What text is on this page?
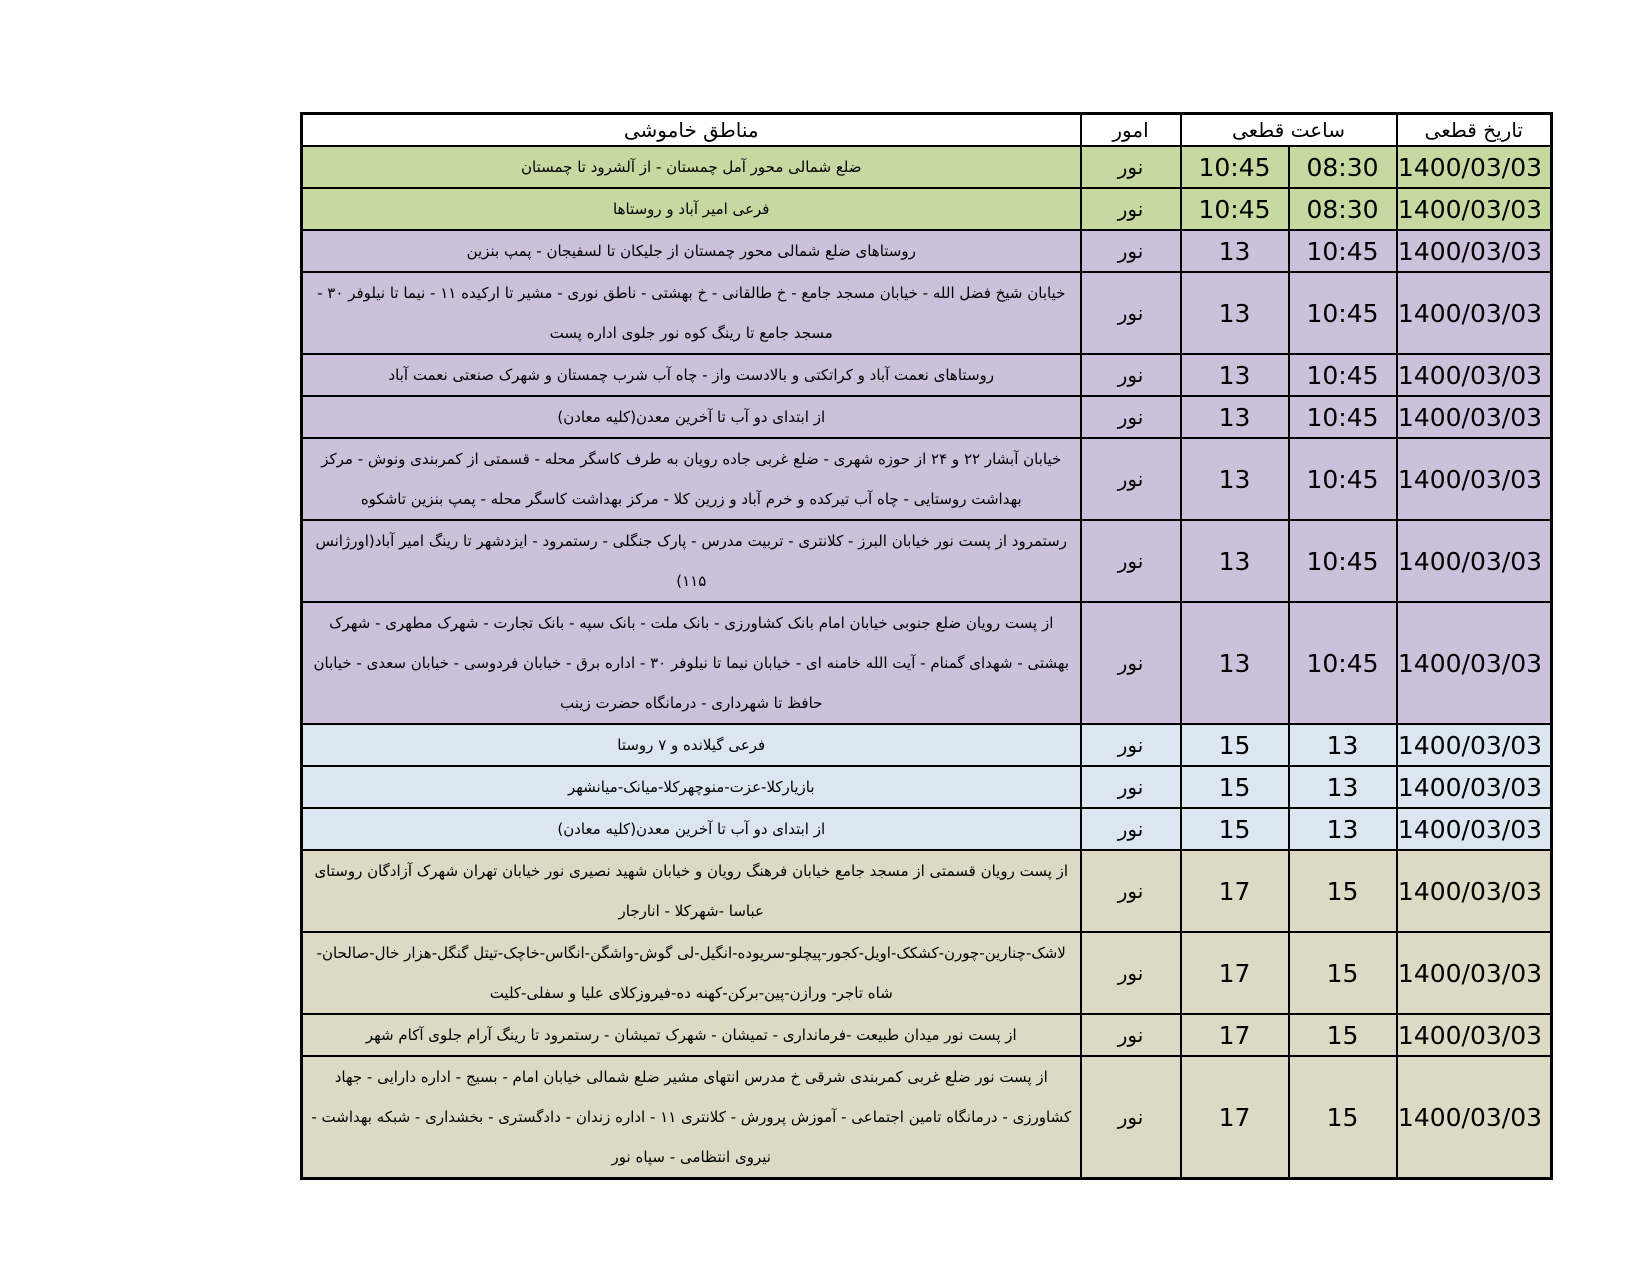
تاریخ قطعی	ساعت قطعی		امور	مناطق خاموشی
1400/03/03	08:30	10:45	نور	ضلع شمالی محور آمل چمستان - از آلشرود تا چمستان
1400/03/03	08:30	10:45	نور	فرعی امیر آباد و روستاها
1400/03/03	10:45	13	نور	روستاهای ضلع شمالی محور چمستان از جلیکان تا لسفیجان - پمپ بنزین
1400/03/03	10:45	13	نور	خیابان شیخ فضل الله - خیابان مسجد جامع - خ طالقانی - خ بهشتی - ناطق نوری - مشیر تا ارکیده ۱۱ - نیما تا نیلوفر ۳۰ - مسجد جامع تا رینگ کوه نور جلوی اداره پست
1400/03/03	10:45	13	نور	روستاهای نعمت آباد و کراتکتی و بالادست واز - چاه آب شرب چمستان و شهرک صنعتی نعمت آباد
1400/03/03	10:45	13	نور	از ابتدای دو آب تا آخرین معدن(کلیه معادن)
1400/03/03	10:45	13	نور	خیابان آبشار ۲۲ و ۲۴ از حوزه شهری - ضلع غربی جاده رویان به طرف کاسگر محله - قسمتی از کمربندی ونوش - مرکز بهداشت روستایی - چاه آب تیرکده و خرم آباد و زرین کلا - مرکز بهداشت کاسگر محله - پمپ بنزین تاشکوه
1400/03/03	10:45	13	نور	رستمرود از پست نور خیابان البرز - کلانتری - تربیت مدرس - پارک جنگلی - رستمرود - ایزدشهر تا رینگ امیر آباد(اورژانس ۱۱۵)
1400/03/03	10:45	13	نور	از پست رویان ضلع جنوبی خیابان امام بانک کشاورزی - بانک ملت - بانک سپه - بانک تجارت - شهرک مطهری - شهرک بهشتی - شهدای گمنام - آیت الله خامنه ای - خیابان نیما تا نیلوفر ۳۰ - اداره برق - خیابان فردوسی - خیابان سعدی - خیابان حافظ تا شهرداری - درمانگاه حضرت زینب
1400/03/03	13	15	نور	فرعی گیلانده و ۷ روستا
1400/03/03	13	15	نور	بازیارکلا-عزت-منوچهرکلا-میانک-میانشهر
1400/03/03	13	15	نور	از ابتدای دو آب تا آخرین معدن(کلیه معادن)
1400/03/03	15	17	نور	از پست رویان قسمتی از مسجد جامع خیابان فرهنگ رویان و خیابان شهید نصیری نور خیابان تهران شهرک آزادگان روستای عباسا -شهرکلا - انارجار
1400/03/03	15	17	نور	لاشک-چنارین-چورن-کشکک-اویل-کجور-پیچلو-سریوده-انگیل-لی گوش-واشگن-انگاس-خاچک-تیتل گنگل-هزار خال-صالحان-شاه تاجر- ورازن-پین-برکن-کهنه ده-فیروزکلای علیا و سفلی-کلیت
1400/03/03	15	17	نور	از پست نور میدان طبیعت -فرمانداری - تمیشان - شهرک تمیشان - رستمرود تا رینگ آرام جلوی آکام شهر
1400/03/03	15	17	نور	از پست نور ضلع غربی کمربندی شرقی خ مدرس انتهای مشیر ضلع شمالی خیابان امام - بسیج - اداره دارایی - جهاد کشاورزی - درمانگاه تامین اجتماعی - آموزش پرورش - کلانتری ۱۱ - اداره زندان - دادگستری - بخشداری - شبکه بهداشت - نیروی انتظامی - سپاه نور
